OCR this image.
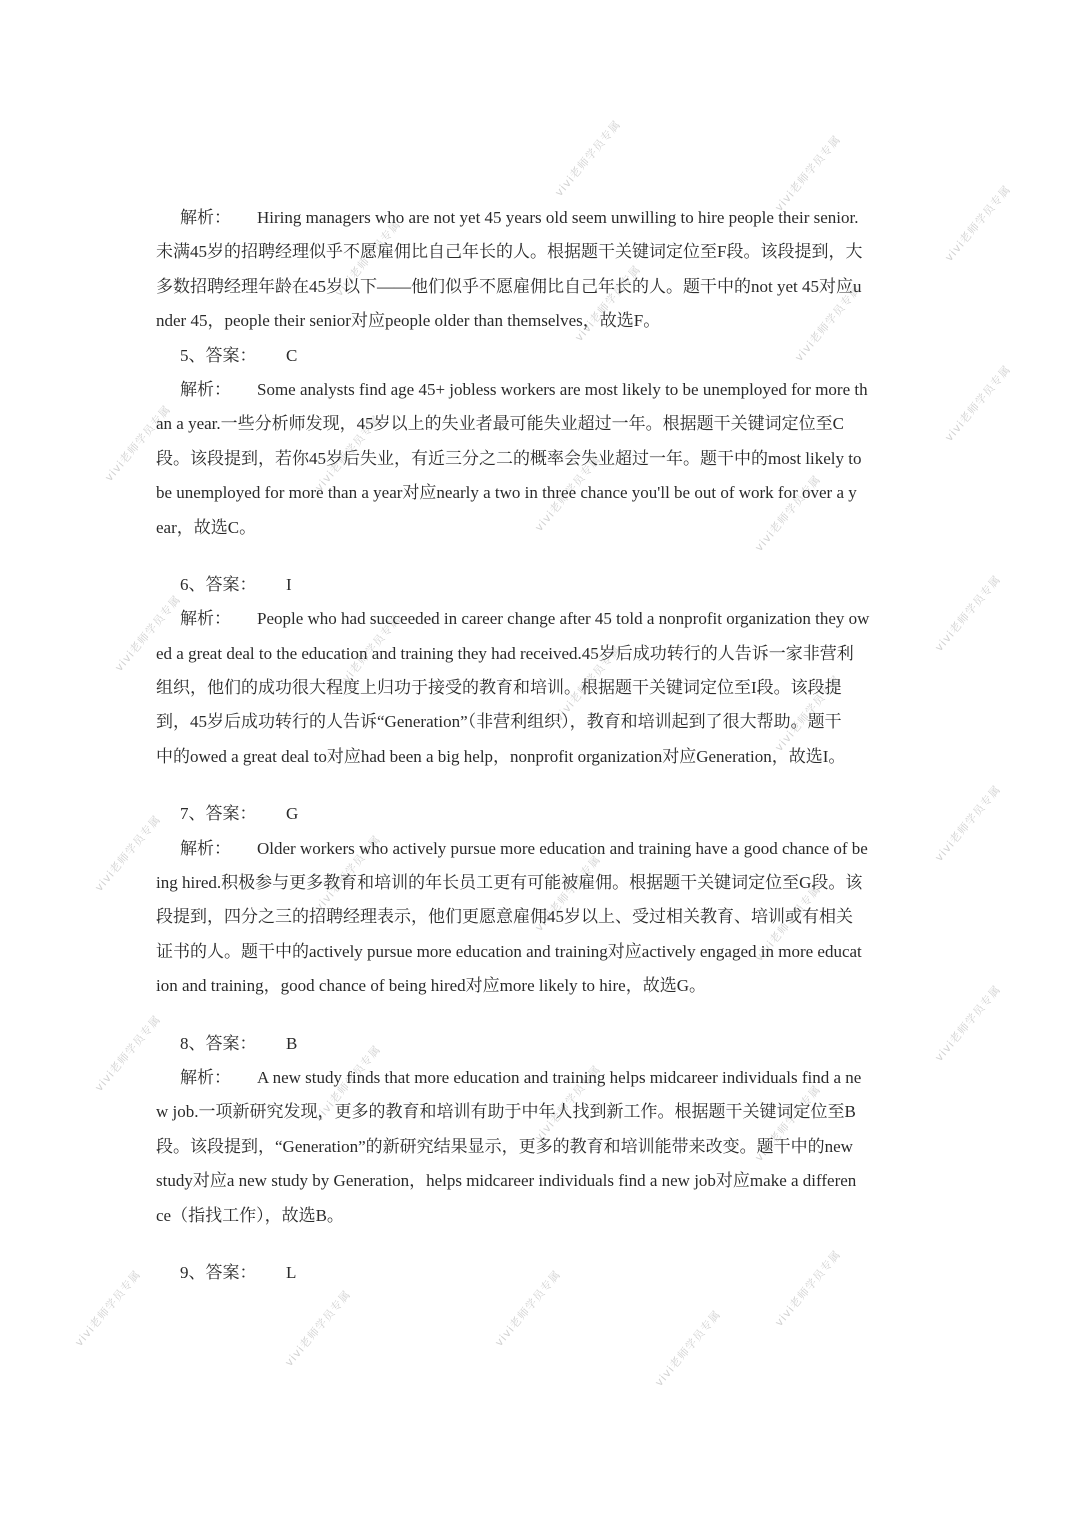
vivi老师学员专属	vivi老师学员专属
vivi老师学员专属
vivi老师学员专属
vivi老师学员专属	vivi老师学员专属
vivi老师学员专属
vivi老师学员专属	vivi老师学员专属	vivi老师学员专属	vivi老师学员专属
vivi老师学员专属
vivi老师学员专属	vivi老师学员专属	vivi老师学员专属	vivi老师学员专属
vivi老师学员专属
vivi老师学员专属	vivi老师学员专属	vivi老师学员专属	vivi老师学员专属
vivi老师学员专属
vivi老师学员专属	vivi老师学员专属	vivi老师学员专属	vivi老师学员专属
vivi老师学员专属	vivi老师学员专属	vivi老师学员专属	vivi老师学员专属
vivi老师学员专属
解析： Hiring managers who are not yet 45 years old seem unwilling to hire people their senior.
未满45岁的招聘经理似乎不愿雇佣比自己年长的人。根据题干关键词定位至F段。该段提到，大
多数招聘经理年龄在45岁以下——他们似乎不愿雇佣比自己年长的人。题干中的not yet 45对应u
nder 45，people their senior对应people older than themselves，故选F。
5、答案： C
解析： Some analysts find age 45+ jobless workers are most likely to be unemployed for more th
an a year.一些分析师发现，45岁以上的失业者最可能失业超过一年。根据题干关键词定位至C
段。该段提到，若你45岁后失业，有近三分之二的概率会失业超过一年。题干中的most likely to
be unemployed for more than a year对应nearly a two in three chance you'll be out of work for over a y
ear，故选C。
6、答案： I
解析： People who had succeeded in career change after 45 told a nonprofit organization they ow
ed a great deal to the education and training they had received.45岁后成功转行的人告诉一家非营利
组织，他们的成功很大程度上归功于接受的教育和培训。根据题干关键词定位至I段。该段提
到，45岁后成功转行的人告诉“Generation”（非营利组织），教育和培训起到了很大帮助。题干
中的owed a great deal to对应had been a big help，nonprofit organization对应Generation，故选I。
7、答案： G
解析： Older workers who actively pursue more education and training have a good chance of be
ing hired.积极参与更多教育和培训的年长员工更有可能被雇佣。根据题干关键词定位至G段。该
段提到，四分之三的招聘经理表示，他们更愿意雇佣45岁以上、受过相关教育、培训或有相关
证书的人。题干中的actively pursue more education and training对应actively engaged in more educat
ion and training，good chance of being hired对应more likely to hire，故选G。
8、答案： B
解析： A new study finds that more education and training helps midcareer individuals find a ne
w job.一项新研究发现，更多的教育和培训有助于中年人找到新工作。根据题干关键词定位至B
段。该段提到，“Generation”的新研究结果显示，更多的教育和培训能带来改变。题干中的new
study对应a new study by Generation，helps midcareer individuals find a new job对应make a differen
ce（指找工作），故选B。
9、答案： L
